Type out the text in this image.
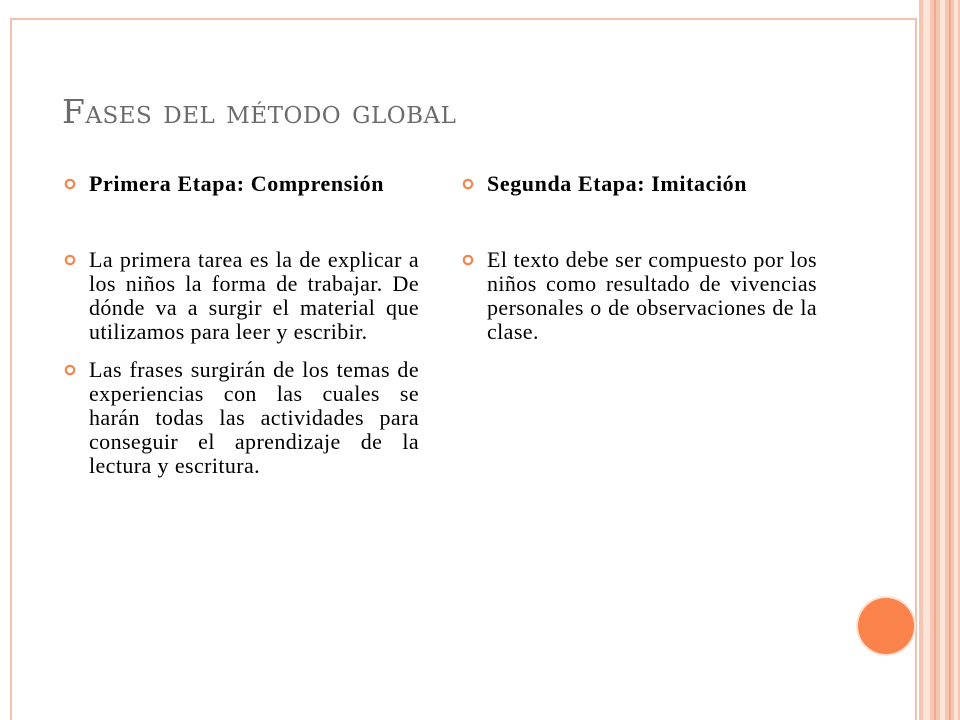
Fases del método global

Primera Etapa: Comprensión

La primera tarea es la de explicar a los niños la forma de trabajar. De dónde va a surgir el material que utilizamos para leer y escribir.

Las frases surgirán de los temas de experiencias con las cuales se harán todas las actividades para conseguir el aprendizaje de la lectura y escritura.

Segunda Etapa: Imitación

El texto debe ser compuesto por los niños como resultado de vivencias personales o de observaciones de la clase.
